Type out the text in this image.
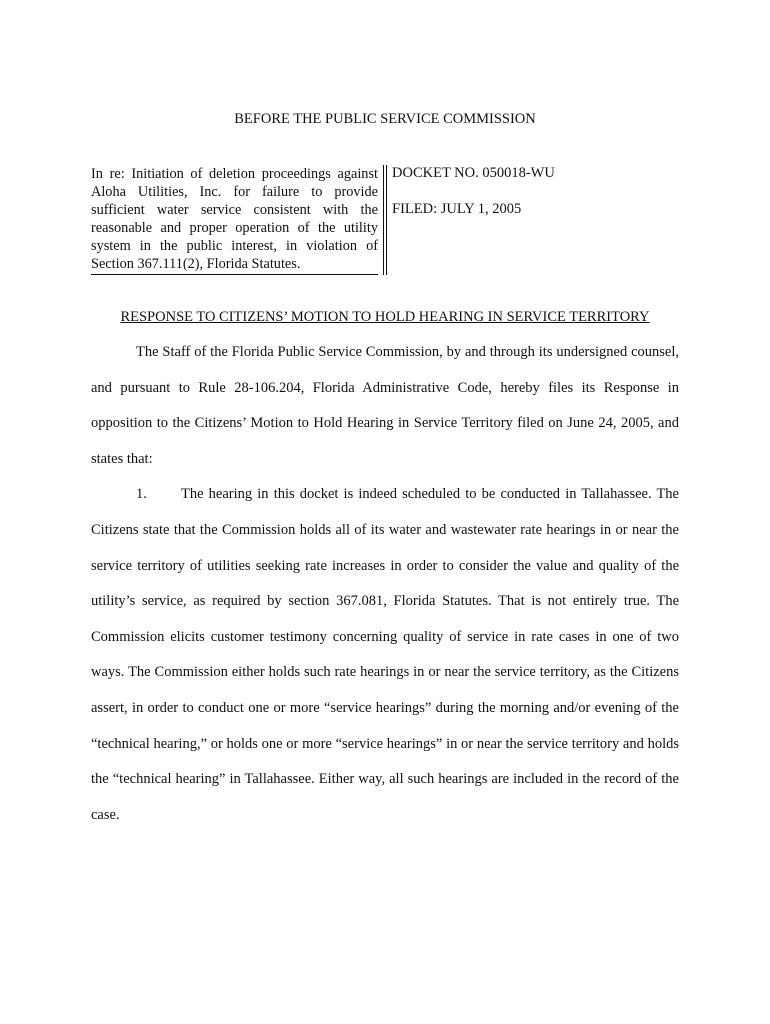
BEFORE THE PUBLIC SERVICE COMMISSION
In re: Initiation of deletion proceedings against Aloha Utilities, Inc. for failure to provide sufficient water service consistent with the reasonable and proper operation of the utility system in the public interest, in violation of Section 367.111(2), Florida Statutes.
DOCKET NO. 050018-WU
FILED: JULY 1, 2005
RESPONSE TO CITIZENS’ MOTION TO HOLD HEARING IN SERVICE TERRITORY

The Staff of the Florida Public Service Commission, by and through its undersigned counsel, and pursuant to Rule 28-106.204, Florida Administrative Code, hereby files its Response in opposition to the Citizens’ Motion to Hold Hearing in Service Territory filed on June 24, 2005, and states that:

1. The hearing in this docket is indeed scheduled to be conducted in Tallahassee. The Citizens state that the Commission holds all of its water and wastewater rate hearings in or near the service territory of utilities seeking rate increases in order to consider the value and quality of the utility’s service, as required by section 367.081, Florida Statutes. That is not entirely true. The Commission elicits customer testimony concerning quality of service in rate cases in one of two ways. The Commission either holds such rate hearings in or near the service territory, as the Citizens assert, in order to conduct one or more “service hearings” during the morning and/or evening of the “technical hearing,” or holds one or more “service hearings” in or near the service territory and holds the “technical hearing” in Tallahassee. Either way, all such hearings are included in the record of the case.
